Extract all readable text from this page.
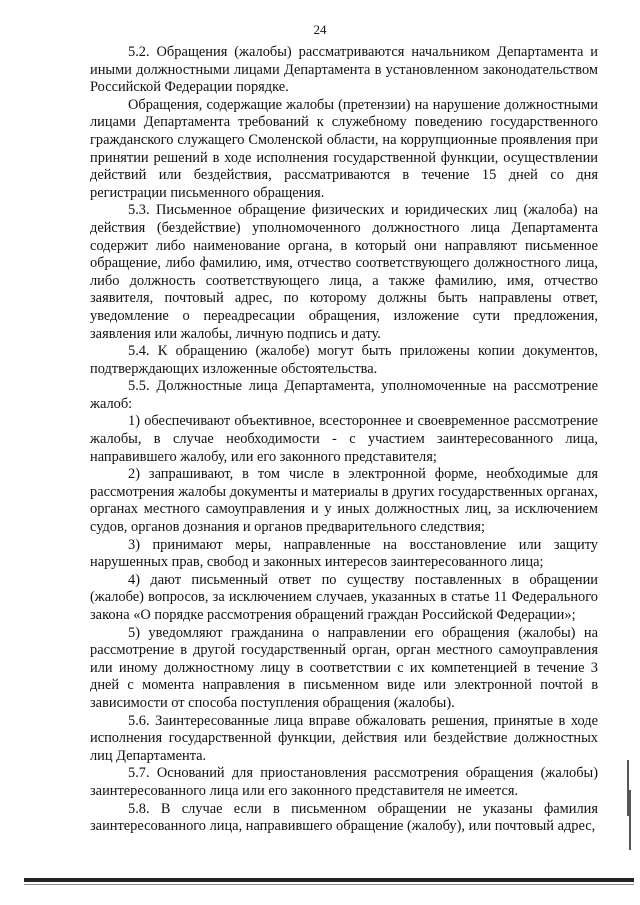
24

5.2. Обращения (жалобы) рассматриваются начальником Департамента и иными должностными лицами Департамента в установленном законодательством Российской Федерации порядке.

Обращения, содержащие жалобы (претензии) на нарушение должностными лицами Департамента требований к служебному поведению государственного гражданского служащего Смоленской области, на коррупционные проявления при принятии решений в ходе исполнения государственной функции, осуществлении действий или бездействия, рассматриваются в течение 15 дней со дня регистрации письменного обращения.

5.3. Письменное обращение физических и юридических лиц (жалоба) на действия (бездействие) уполномоченного должностного лица Департамента содержит либо наименование органа, в который они направляют письменное обращение, либо фамилию, имя, отчество соответствующего должностного лица, либо должность соответствующего лица, а также фамилию, имя, отчество заявителя, почтовый адрес, по которому должны быть направлены ответ, уведомление о переадресации обращения, изложение сути предложения, заявления или жалобы, личную подпись и дату.

5.4. К обращению (жалобе) могут быть приложены копии документов, подтверждающих изложенные обстоятельства.

5.5. Должностные лица Департамента, уполномоченные на рассмотрение жалоб:

1) обеспечивают объективное, всестороннее и своевременное рассмотрение жалобы, в случае необходимости - с участием заинтересованного лица, направившего жалобу, или его законного представителя;

2) запрашивают, в том числе в электронной форме, необходимые для рассмотрения жалобы документы и материалы в других государственных органах, органах местного самоуправления и у иных должностных лиц, за исключением судов, органов дознания и органов предварительного следствия;

3) принимают меры, направленные на восстановление или защиту нарушенных прав, свобод и законных интересов заинтересованного лица;

4) дают письменный ответ по существу поставленных в обращении (жалобе) вопросов, за исключением случаев, указанных в статье 11 Федерального закона «О порядке рассмотрения обращений граждан Российской Федерации»;

5) уведомляют гражданина о направлении его обращения (жалобы) на рассмотрение в другой государственный орган, орган местного самоуправления или иному должностному лицу в соответствии с их компетенцией в течение 3 дней с момента направления в письменном виде или электронной почтой в зависимости от способа поступления обращения (жалобы).

5.6. Заинтересованные лица вправе обжаловать решения, принятые в ходе исполнения государственной функции, действия или бездействие должностных лиц Департамента.

5.7. Оснований для приостановления рассмотрения обращения (жалобы) заинтересованного лица или его законного представителя не имеется.

5.8. В случае если в письменном обращении не указаны фамилия заинтересованного лица, направившего обращение (жалобу), или почтовый адрес,
